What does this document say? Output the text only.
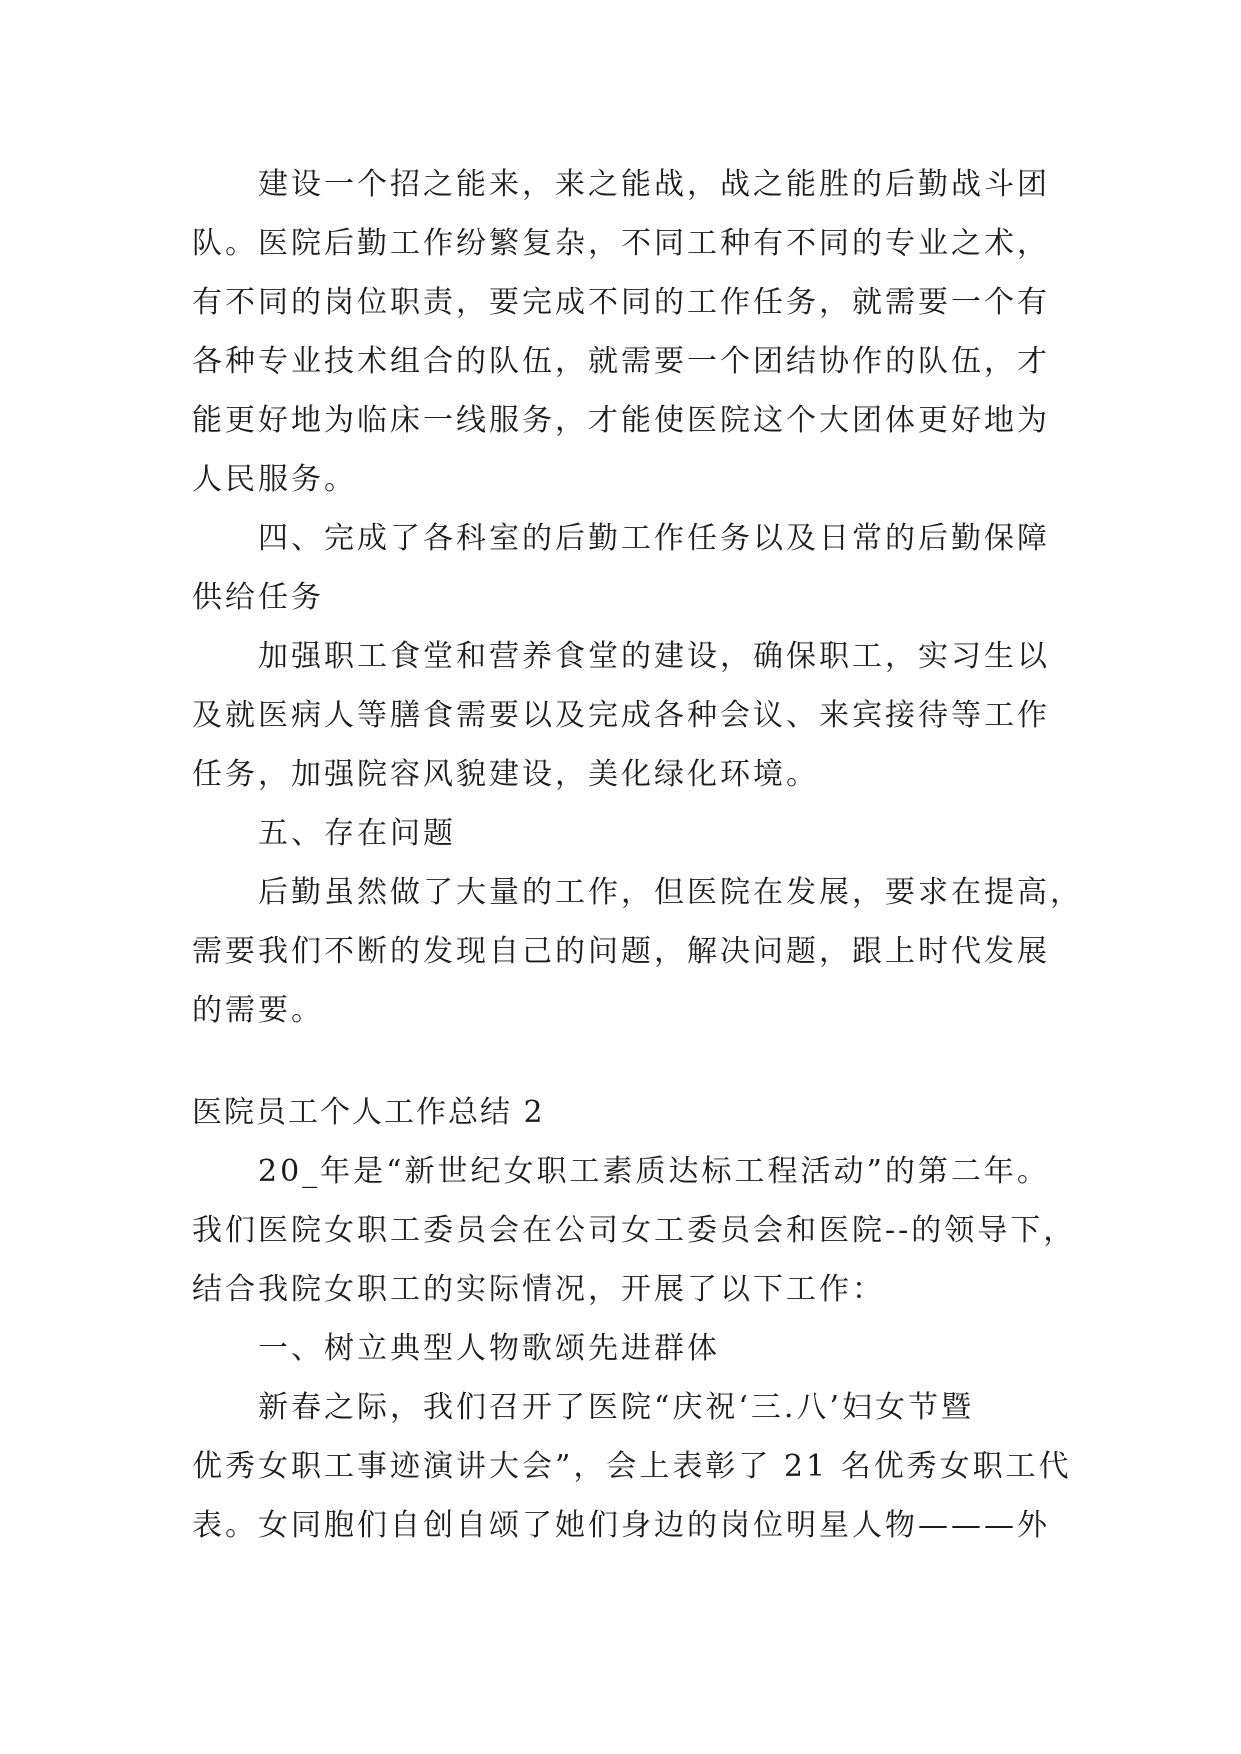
　　建设一个招之能来，来之能战，战之能胜的后勤战斗团

队。医院后勤工作纷繁复杂，不同工种有不同的专业之术，

有不同的岗位职责，要完成不同的工作任务，就需要一个有

各种专业技术组合的队伍，就需要一个团结协作的队伍，才

能更好地为临床一线服务，才能使医院这个大团体更好地为

人民服务。

　　四、完成了各科室的后勤工作任务以及日常的后勤保障

供给任务

　　加强职工食堂和营养食堂的建设，确保职工，实习生以

及就医病人等膳食需要以及完成各种会议、来宾接待等工作

任务，加强院容风貌建设，美化绿化环境。

　　五、存在问题

　　后勤虽然做了大量的工作，但医院在发展，要求在提高，

需要我们不断的发现自己的问题，解决问题，跟上时代发展

的需要。

医院员工个人工作总结 2

　　20_年是“新世纪女职工素质达标工程活动”的第二年。

我们医院女职工委员会在公司女工委员会和医院--的领导下，

结合我院女职工的实际情况，开展了以下工作：

　　一、树立典型人物歌颂先进群体

　　新春之际，我们召开了医院“庆祝‘三.八’妇女节暨

优秀女职工事迹演讲大会”，会上表彰了 21 名优秀女职工代

表。女同胞们自创自颂了她们身边的岗位明星人物———外
